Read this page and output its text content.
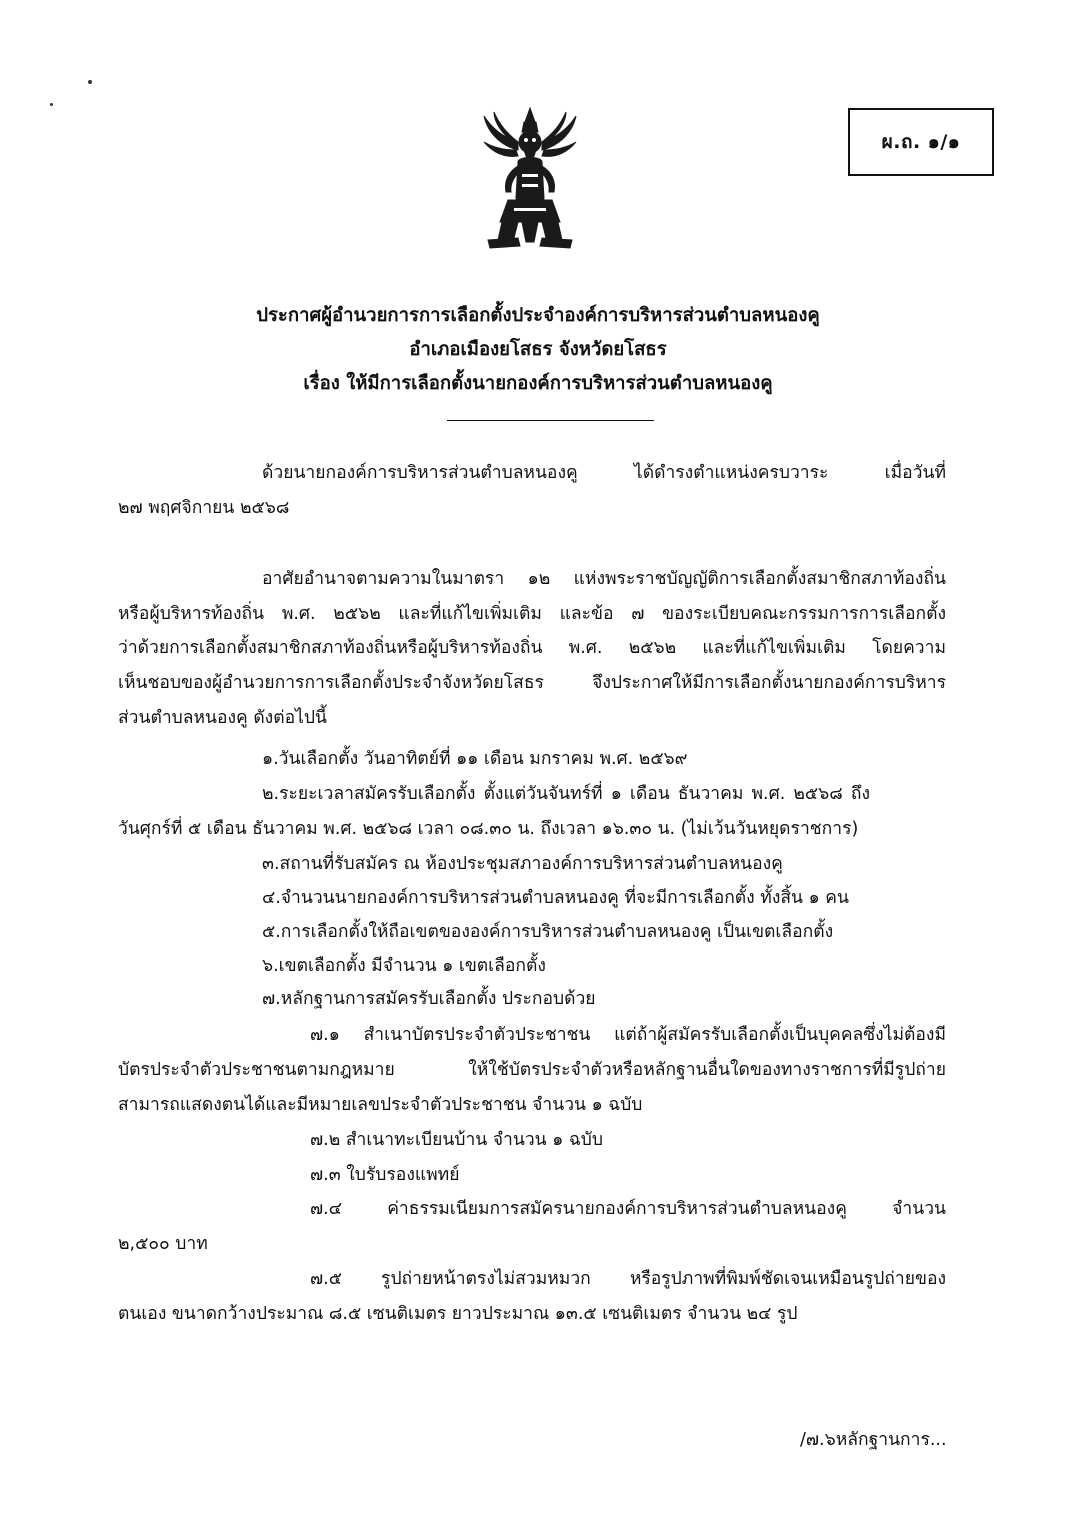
ผ.ถ. ๑/๑
ประกาศผู้อำนวยการการเลือกตั้งประจำองค์การบริหารส่วนตำบลหนองคู
อำเภอเมืองยโสธร จังหวัดยโสธร
เรื่อง ให้มีการเลือกตั้งนายกองค์การบริหารส่วนตำบลหนองคู
ด้วยนายกองค์การบริหารส่วนตำบลหนองคู ได้ดำรงตำแหน่งครบวาระ เมื่อวันที่
๒๗ พฤศจิกายน ๒๕๖๘
อาศัยอำนาจตามความในมาตรา ๑๒ แห่งพระราชบัญญัติการเลือกตั้งสมาชิกสภาท้องถิ่น
หรือผู้บริหารท้องถิ่น พ.ศ. ๒๕๖๒ และที่แก้ไขเพิ่มเติม และข้อ ๗ ของระเบียบคณะกรรมการการเลือกตั้ง
ว่าด้วยการเลือกตั้งสมาชิกสภาท้องถิ่นหรือผู้บริหารท้องถิ่น พ.ศ. ๒๕๖๒ และที่แก้ไขเพิ่มเติม โดยความ
เห็นชอบของผู้อำนวยการการเลือกตั้งประจำจังหวัดยโสธร จึงประกาศให้มีการเลือกตั้งนายกองค์การบริหาร
ส่วนตำบลหนองคู ดังต่อไปนี้
๑.วันเลือกตั้ง วันอาทิตย์ที่ ๑๑ เดือน มกราคม พ.ศ. ๒๕๖๙
๒.ระยะเวลาสมัครรับเลือกตั้ง ตั้งแต่วันจันทร์ที่ ๑ เดือน ธันวาคม พ.ศ. ๒๕๖๘ ถึง
วันศุกร์ที่ ๕ เดือน ธันวาคม พ.ศ. ๒๕๖๘ เวลา ๐๘.๓๐ น. ถึงเวลา ๑๖.๓๐ น. (ไม่เว้นวันหยุดราชการ)
๓.สถานที่รับสมัคร ณ ห้องประชุมสภาองค์การบริหารส่วนตำบลหนองคู
๔.จำนวนนายกองค์การบริหารส่วนตำบลหนองคู ที่จะมีการเลือกตั้ง ทั้งสิ้น ๑ คน
๕.การเลือกตั้งให้ถือเขตขององค์การบริหารส่วนตำบลหนองคู เป็นเขตเลือกตั้ง
๖.เขตเลือกตั้ง มีจำนวน ๑ เขตเลือกตั้ง
๗.หลักฐานการสมัครรับเลือกตั้ง ประกอบด้วย
๗.๑ สำเนาบัตรประจำตัวประชาชน แต่ถ้าผู้สมัครรับเลือกตั้งเป็นบุคคลซึ่งไม่ต้องมี
บัตรประจำตัวประชาชนตามกฎหมาย ให้ใช้บัตรประจำตัวหรือหลักฐานอื่นใดของทางราชการที่มีรูปถ่าย
สามารถแสดงตนได้และมีหมายเลขประจำตัวประชาชน จำนวน ๑ ฉบับ
๗.๒ สำเนาทะเบียนบ้าน จำนวน ๑ ฉบับ
๗.๓ ใบรับรองแพทย์
๗.๔ ค่าธรรมเนียมการสมัครนายกองค์การบริหารส่วนตำบลหนองคู จำนวน
๒,๕๐๐ บาท
๗.๕ รูปถ่ายหน้าตรงไม่สวมหมวก หรือรูปภาพที่พิมพ์ชัดเจนเหมือนรูปถ่ายของ
ตนเอง ขนาดกว้างประมาณ ๘.๕ เซนติเมตร ยาวประมาณ ๑๓.๕ เซนติเมตร จำนวน ๒๔ รูป
/๗.๖หลักฐานการ...
